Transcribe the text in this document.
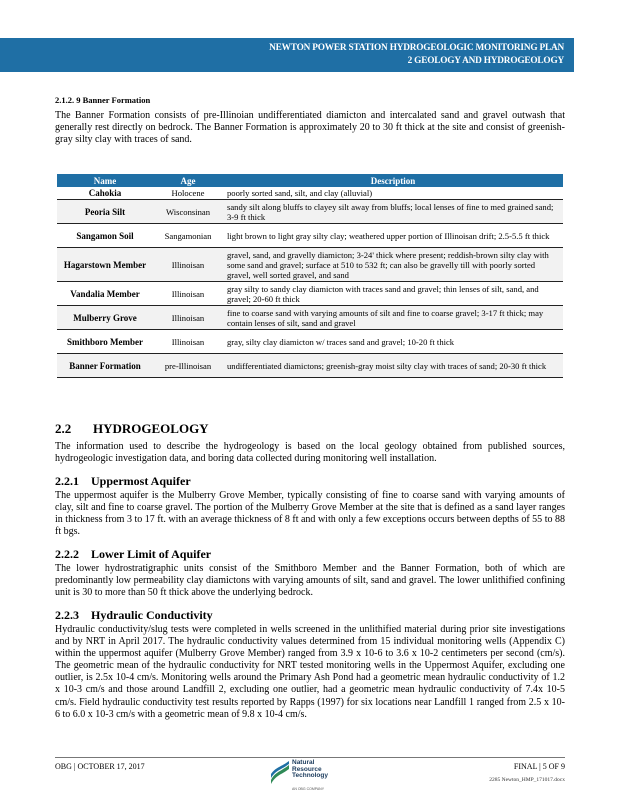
NEWTON POWER STATION HYDROGEOLOGIC MONITORING PLAN
2 GEOLOGY AND HYDROGEOLOGY
2.1.2. 9 Banner Formation
The Banner Formation consists of pre-Illinoian undifferentiated diamicton and intercalated sand and gravel outwash that generally rest directly on bedrock. The Banner Formation is approximately 20 to 30 ft thick at the site and consist of greenish-gray silty clay with traces of sand.
Name	Age	Description
Cahokia	Holocene	poorly sorted sand, silt, and clay (alluvial)
Peoria Silt	Wisconsinan	sandy silt along bluffs to clayey silt away from bluffs; local lenses of fine to med grained sand; 3-9 ft thick
Sangamon Soil	Sangamonian	light brown to light gray silty clay; weathered upper portion of Illinoisan drift; 2.5-5.5 ft thick
Hagarstown Member	Illinoisan	gravel, sand, and gravelly diamicton; 3-24' thick where present; reddish-brown silty clay with some sand and gravel; surface at 510 to 532 ft; can also be gravelly till with poorly sorted gravel, well sorted gravel, and sand
Vandalia Member	Illinoisan	gray silty to sandy clay diamicton with traces sand and gravel; thin lenses of silt, sand, and gravel; 20-60 ft thick
Mulberry Grove	Illinoisan	fine to coarse sand with varying amounts of silt and fine to coarse gravel; 3-17 ft thick; may contain lenses of silt, sand and gravel
Smithboro Member	Illinoisan	gray, silty clay diamicton w/ traces sand and gravel; 10-20 ft thick
Banner Formation	pre-Illinoisan	undifferentiated diamictons; greenish-gray moist silty clay with traces of sand; 20-30 ft thick
2.2 HYDROGEOLOGY
The information used to describe the hydrogeology is based on the local geology obtained from published sources, hydrogeologic investigation data, and boring data collected during monitoring well installation.
2.2.1 Uppermost Aquifer
The uppermost aquifer is the Mulberry Grove Member, typically consisting of fine to coarse sand with varying amounts of clay, silt and fine to coarse gravel. The portion of the Mulberry Grove Member at the site that is defined as a sand layer ranges in thickness from 3 to 17 ft. with an average thickness of 8 ft and with only a few exceptions occurs between depths of 55 to 88 ft bgs.
2.2.2 Lower Limit of Aquifer
The lower hydrostratigraphic units consist of the Smithboro Member and the Banner Formation, both of which are predominantly low permeability clay diamictons with varying amounts of silt, sand and gravel. The lower unlithified confining unit is 30 to more than 50 ft thick above the underlying bedrock.
2.2.3 Hydraulic Conductivity
Hydraulic conductivity/slug tests were completed in wells screened in the unlithified material during prior site investigations and by NRT in April 2017. The hydraulic conductivity values determined from 15 individual monitoring wells (Appendix C) within the uppermost aquifer (Mulberry Grove Member) ranged from 3.9 x 10-6 to 3.6 x 10-2 centimeters per second (cm/s). The geometric mean of the hydraulic conductivity for NRT tested monitoring wells in the Uppermost Aquifer, excluding one outlier, is 2.5x 10-4 cm/s. Monitoring wells around the Primary Ash Pond had a geometric mean hydraulic conductivity of 1.2 x 10-3 cm/s and those around Landfill 2, excluding one outlier, had a geometric mean hydraulic conductivity of 7.4x 10-5 cm/s. Field hydraulic conductivity test results reported by Rapps (1997) for six locations near Landfill 1 ranged from 2.5 x 10-6 to 6.0 x 10-3 cm/s with a geometric mean of 9.8 x 10-4 cm/s.
OBG | OCTOBER 17, 2017	FINAL | 5 OF 9
2285 Newton_HMP_171017.docx
Natural
Resource
Technology
AN OBG COMPANY
